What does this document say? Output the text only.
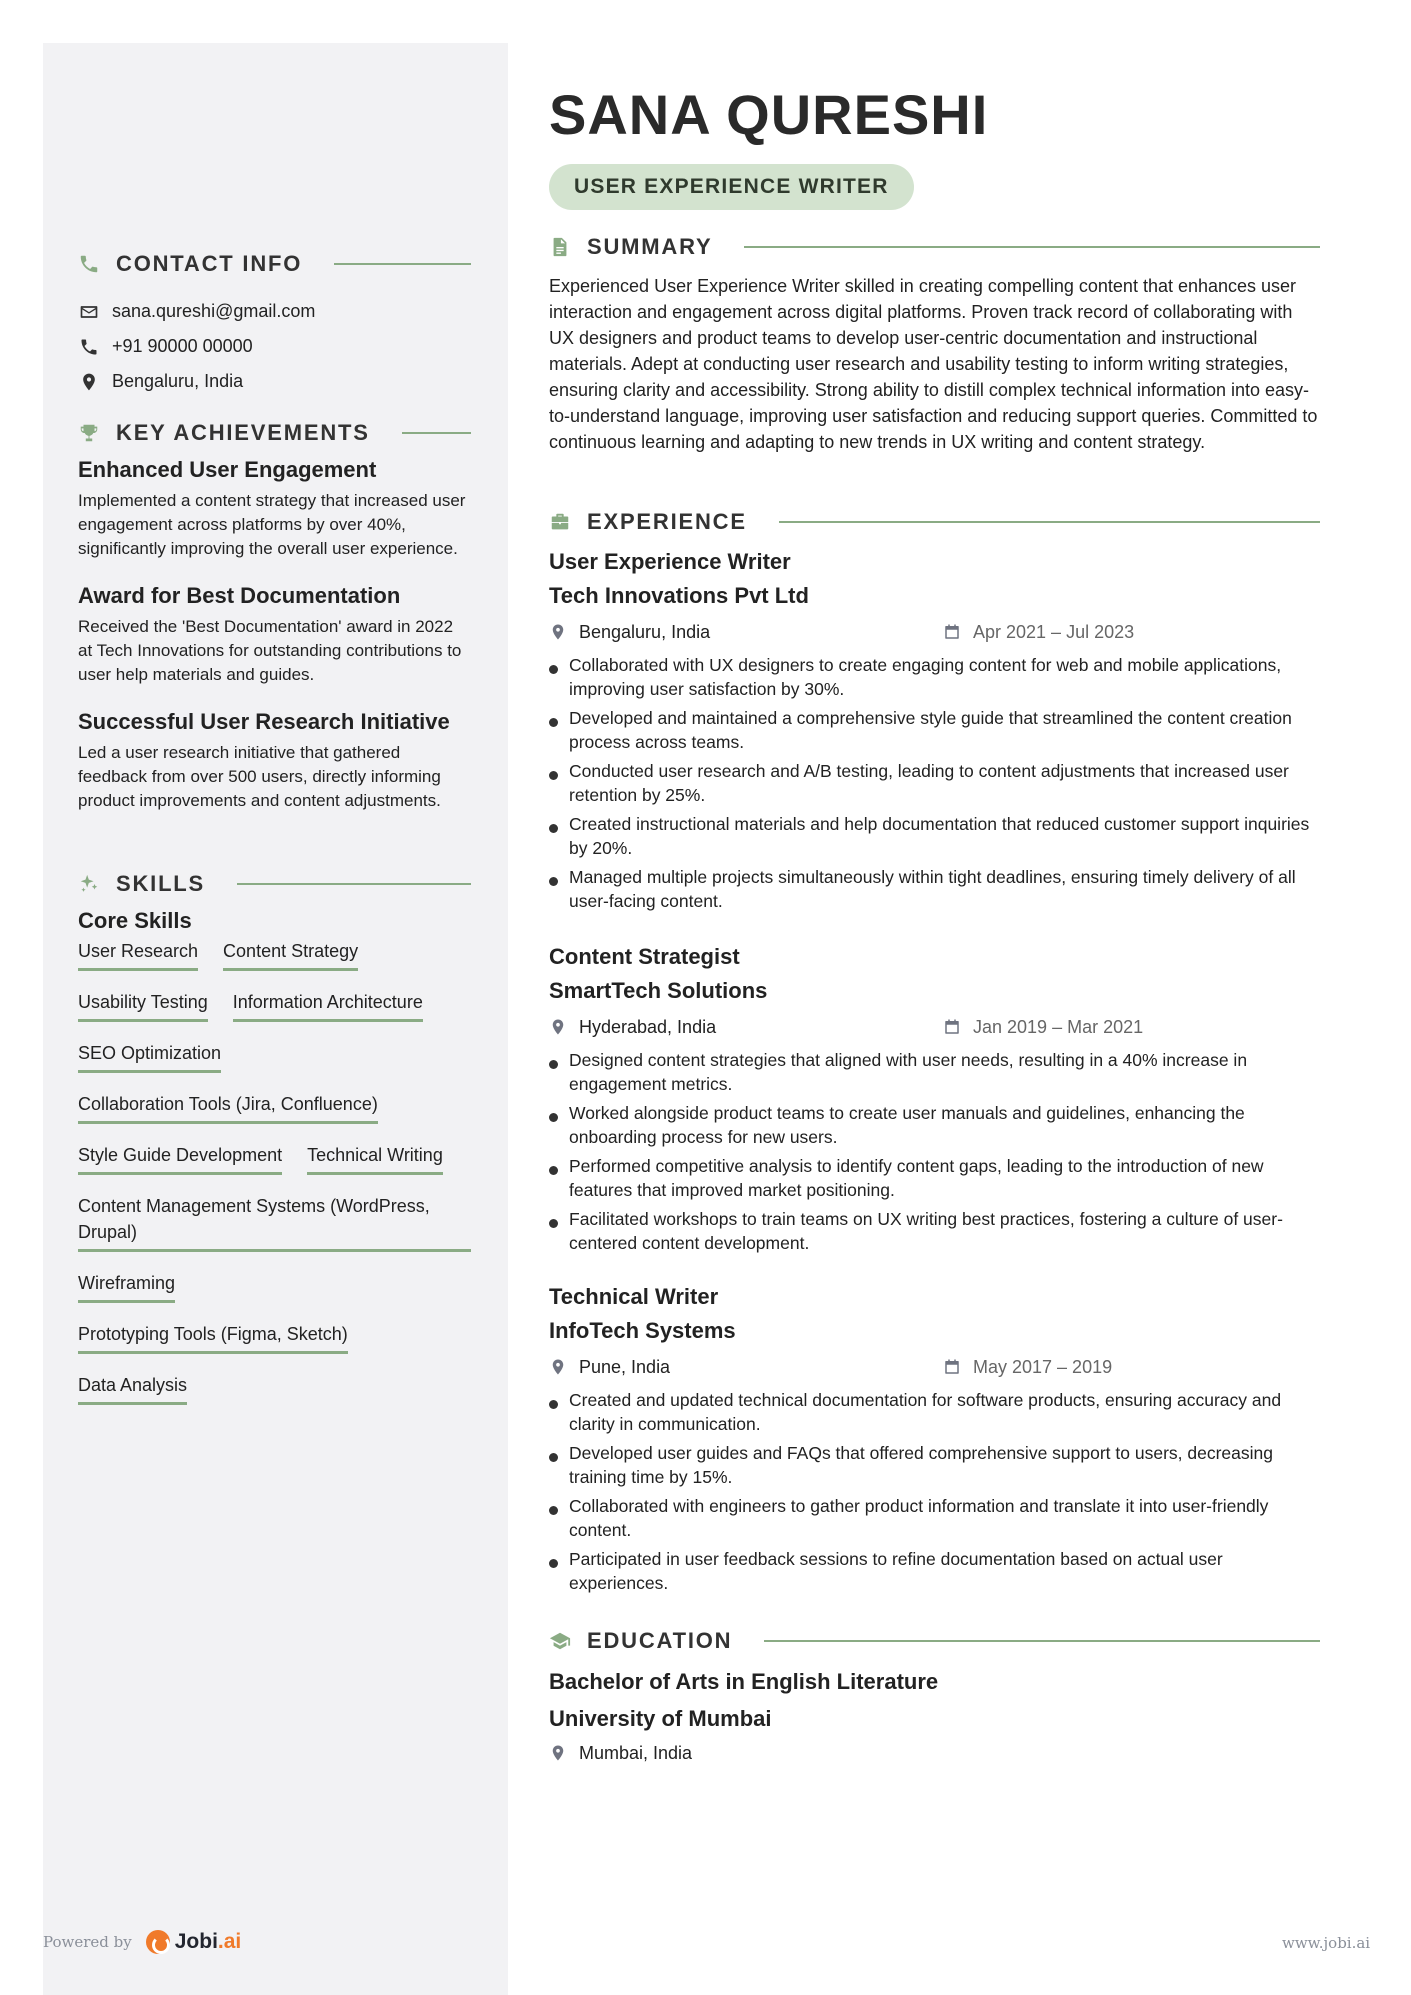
CONTACT INFO
sana.qureshi@gmail.com
+91 90000 00000
Bengaluru, India
KEY ACHIEVEMENTS
Enhanced User Engagement
Implemented a content strategy that increased user engagement across platforms by over 40%, significantly improving the overall user experience.
Award for Best Documentation
Received the 'Best Documentation' award in 2022 at Tech Innovations for outstanding contributions to user help materials and guides.
Successful User Research Initiative
Led a user research initiative that gathered feedback from over 500 users, directly informing product improvements and content adjustments.
SKILLS
Core Skills
User Research Content Strategy
Usability Testing Information Architecture
SEO Optimization
Collaboration Tools (Jira, Confluence)
Style Guide Development Technical Writing
Content Management Systems (WordPress, Drupal)
Wireframing
Prototyping Tools (Figma, Sketch)
Data Analysis
SANA QURESHI
USER EXPERIENCE WRITER
SUMMARY
Experienced User Experience Writer skilled in creating compelling content that enhances user interaction and engagement across digital platforms. Proven track record of collaborating with UX designers and product teams to develop user-centric documentation and instructional materials. Adept at conducting user research and usability testing to inform writing strategies, ensuring clarity and accessibility. Strong ability to distill complex technical information into easy-to-understand language, improving user satisfaction and reducing support queries. Committed to continuous learning and adapting to new trends in UX writing and content strategy.
EXPERIENCE
User Experience Writer
Tech Innovations Pvt Ltd
Bengaluru, India	Apr 2021 – Jul 2023
Collaborated with UX designers to create engaging content for web and mobile applications, improving user satisfaction by 30%.
Developed and maintained a comprehensive style guide that streamlined the content creation process across teams.
Conducted user research and A/B testing, leading to content adjustments that increased user retention by 25%.
Created instructional materials and help documentation that reduced customer support inquiries by 20%.
Managed multiple projects simultaneously within tight deadlines, ensuring timely delivery of all user-facing content.
Content Strategist
SmartTech Solutions
Hyderabad, India	Jan 2019 – Mar 2021
Designed content strategies that aligned with user needs, resulting in a 40% increase in engagement metrics.
Worked alongside product teams to create user manuals and guidelines, enhancing the onboarding process for new users.
Performed competitive analysis to identify content gaps, leading to the introduction of new features that improved market positioning.
Facilitated workshops to train teams on UX writing best practices, fostering a culture of user-centered content development.
Technical Writer
InfoTech Systems
Pune, India	May 2017 – 2019
Created and updated technical documentation for software products, ensuring accuracy and clarity in communication.
Developed user guides and FAQs that offered comprehensive support to users, decreasing training time by 15%.
Collaborated with engineers to gather product information and translate it into user-friendly content.
Participated in user feedback sessions to refine documentation based on actual user experiences.
EDUCATION
Bachelor of Arts in English Literature
University of Mumbai
Mumbai, India
Powered by Jobi .ai	www.jobi.ai
